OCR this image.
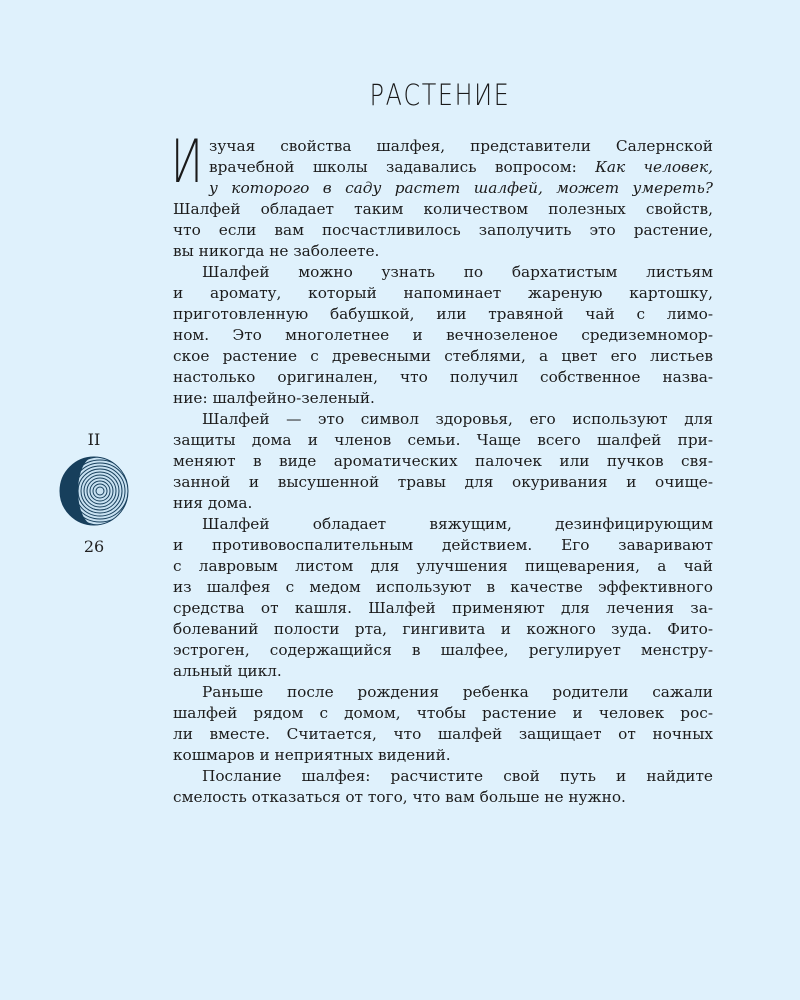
РАСТЕНИЕ
II
26
И зучая свойства шалфея, представители Салернской
врачебной школы задавались вопросом: Как человек,
у которого в саду растет шалфей, может умереть?
Шалфей обладает таким количеством полезных свойств,
что если вам посчастливилось заполучить это растение,
вы никогда не заболеете.
Шалфей можно узнать по бархатистым листьям
и аромату, который напоминает жареную картошку,
приготовленную бабушкой, или травяной чай с лимо-
ном. Это многолетнее и вечнозеленое средиземномор-
ское растение с древесными стеблями, а цвет его листьев
настолько оригинален, что получил собственное назва-
ние: шалфейно-зеленый.
Шалфей — это символ здоровья, его используют для
защиты дома и членов семьи. Чаще всего шалфей при-
меняют в виде ароматических палочек или пучков свя-
занной и высушенной травы для окуривания и очище-
ния дома.
Шалфей обладает вяжущим, дезинфицирующим
и противовоспалительным действием. Его заваривают
с лавровым листом для улучшения пищеварения, а чай
из шалфея с медом используют в качестве эффективного
средства от кашля. Шалфей применяют для лечения за-
болеваний полости рта, гингивита и кожного зуда. Фито-
эстроген, содержащийся в шалфее, регулирует менстру-
альный цикл.
Раньше после рождения ребенка родители сажали
шалфей рядом с домом, чтобы растение и человек рос-
ли вместе. Считается, что шалфей защищает от ночных
кошмаров и неприятных видений.
Послание шалфея: расчистите свой путь и найдите
смелость отказаться от того, что вам больше не нужно.
